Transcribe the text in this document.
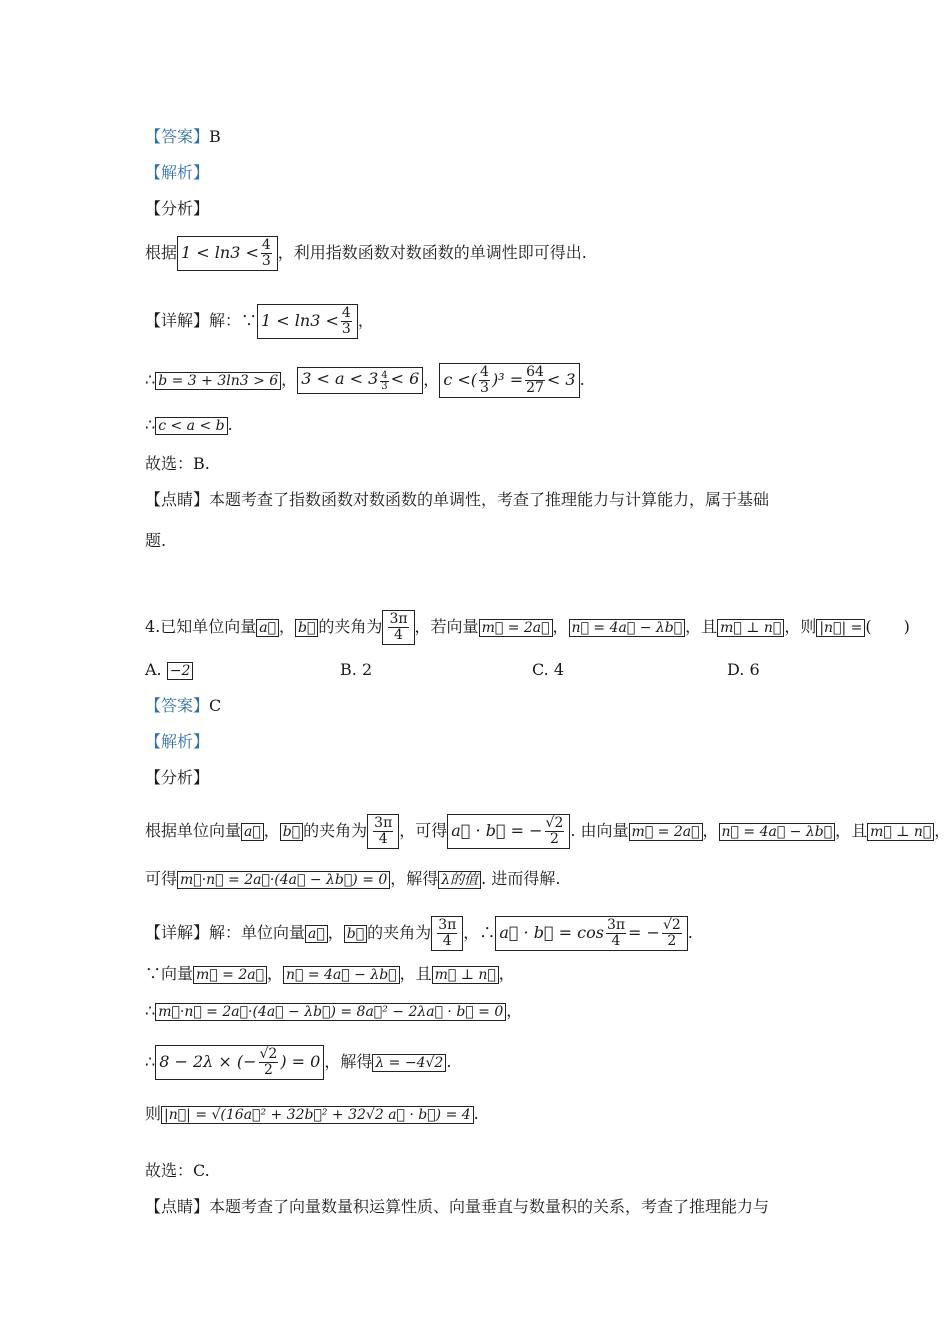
【答案】B
【解析】
【分析】
根据 $1 < \ln 3 < \frac{4}{3}$ ，利用指数函数对数函数的单调性即可得出.
【详解】解：∵ $1 < \ln 3 < \frac{4}{3}$ ，
∴ b = 3 + 3ln3 > 6 ， 3 < a < 3 $^{\frac{4}{3}}$ < 6 ， c <( $\frac{4}{3} )^3 = \frac{64}{27} < 3$ .
∴ c < a < b .
故选：B.
【点睛】本题考查了指数函数对数函数的单调性，考查了推理能力与计算能力，属于基础
题.
4.已知单位向量 a⃗ ， b⃗ 的夹角为 $\frac{3\pi}{4}$ ，若向量 m⃗ = 2a⃗ ， n⃗ = 4a⃗ − λb⃗ ，且 m⃗ ⊥ n⃗ ，则 |n⃗| = (　　)
A. −2	B. 2	C. 4	D. 6
【答案】C
【解析】
【分析】
根据单位向量 a⃗ ， b⃗ 的夹角为 $\frac{3\pi}{4}$ ，可得 a⃗ · b⃗ = − $\frac{√2}{2}$ . 由向量 m⃗ = 2a⃗ ， n⃗ = 4a⃗ − λb⃗ ，且 m⃗ ⊥ n⃗ ，
可得 m⃗·n⃗ = 2a⃗·(4a⃗ − λb⃗) = 0 ，解得 λ的值 . 进而得解.
【详解】解：单位向量 a⃗ ， b⃗ 的夹角为 $\frac{3\pi}{4}$ ，∴ a⃗ · b⃗ = $\cos \frac{3\pi}{4}$ = − $\frac{√2}{2}$ .
∵向量 m⃗ = 2a⃗ ， n⃗ = 4a⃗ − λb⃗ ，且 m⃗ ⊥ n⃗ ，
∴ m⃗·n⃗ = 2a⃗·(4a⃗ − λb⃗) = 8a⃗² − 2λa⃗ · b⃗ = 0 ，
∴ 8 − 2λ × (− $\frac{√2}{2}$ ) = 0 ，解得 λ = −4√2 .
则 |n⃗| = √(16a⃗² + 32b⃗² + 32√2 a⃗ · b⃗) = 4 .
故选：C.
【点睛】本题考查了向量数量积运算性质、向量垂直与数量积的关系，考查了推理能力与
